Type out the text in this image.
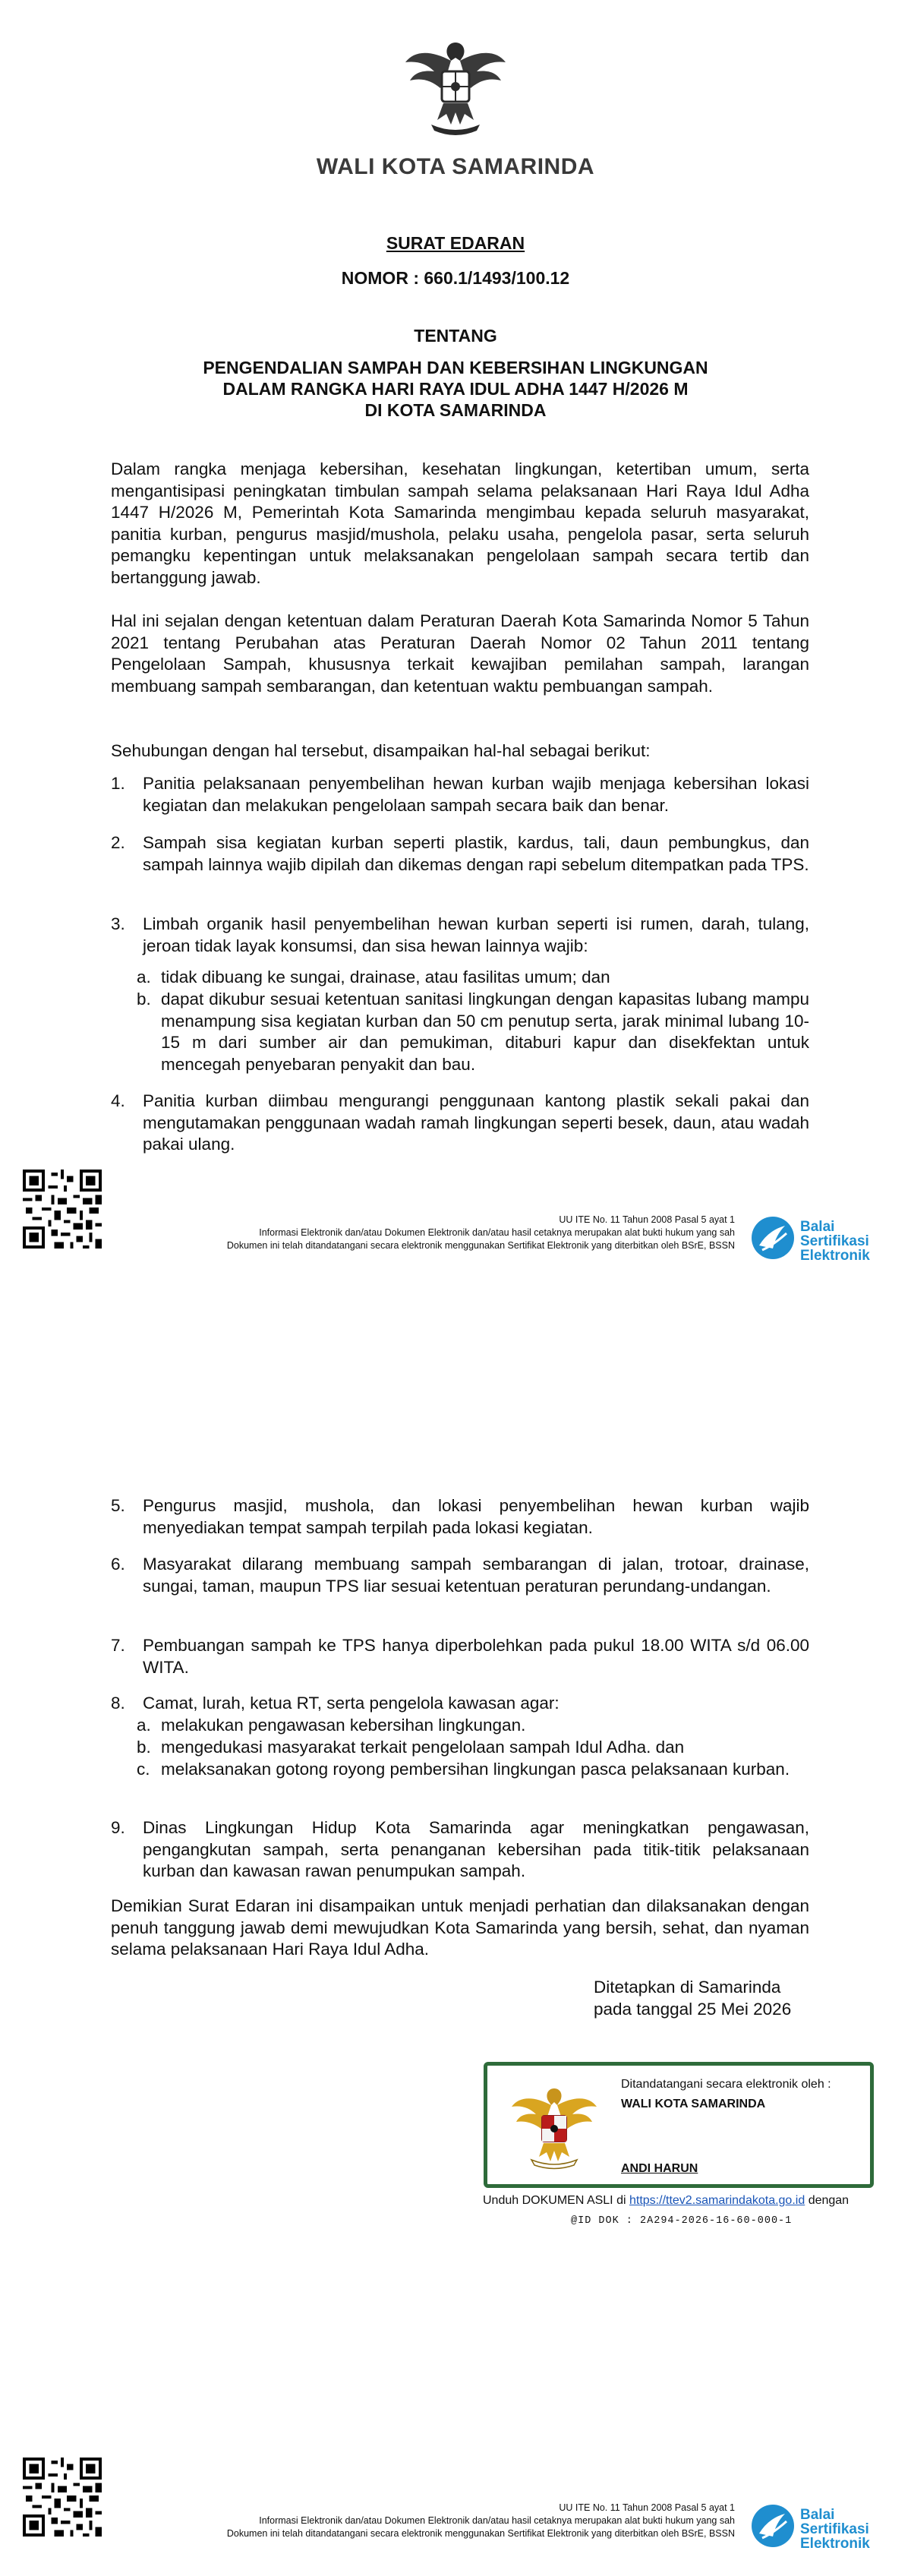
WALI KOTA SAMARINDA
SURAT EDARAN
NOMOR : 660.1/1493/100.12
TENTANG
PENGENDALIAN SAMPAH DAN KEBERSIHAN LINGKUNGAN
DALAM RANGKA HARI RAYA IDUL ADHA 1447 H/2026 M
DI KOTA SAMARINDA
Dalam rangka menjaga kebersihan, kesehatan lingkungan, ketertiban umum, serta mengantisipasi peningkatan timbulan sampah selama pelaksanaan Hari Raya Idul Adha 1447 H/2026 M, Pemerintah Kota Samarinda mengimbau kepada seluruh masyarakat, panitia kurban, pengurus masjid/mushola, pelaku usaha, pengelola pasar, serta seluruh pemangku kepentingan untuk melaksanakan pengelolaan sampah secara tertib dan bertanggung jawab.
Hal ini sejalan dengan ketentuan dalam Peraturan Daerah Kota Samarinda Nomor 5 Tahun 2021 tentang Perubahan atas Peraturan Daerah Nomor 02 Tahun 2011 tentang Pengelolaan Sampah, khususnya terkait kewajiban pemilahan sampah, larangan membuang sampah sembarangan, dan ketentuan waktu pembuangan sampah.
Sehubungan dengan hal tersebut, disampaikan hal-hal sebagai berikut:
1.	Panitia pelaksanaan penyembelihan hewan kurban wajib menjaga kebersihan lokasi kegiatan dan melakukan pengelolaan sampah secara baik dan benar.
2.	Sampah sisa kegiatan kurban seperti plastik, kardus, tali, daun pembungkus, dan sampah lainnya wajib dipilah dan dikemas dengan rapi sebelum ditempatkan pada TPS.
3.	Limbah organik hasil penyembelihan hewan kurban seperti isi rumen, darah, tulang, jeroan tidak layak konsumsi, dan sisa hewan lainnya wajib:
a. tidak dibuang ke sungai, drainase, atau fasilitas umum; dan
b. dapat dikubur sesuai ketentuan sanitasi lingkungan dengan kapasitas lubang mampu menampung sisa kegiatan kurban dan 50 cm penutup serta, jarak minimal lubang 10-15 m dari sumber air dan pemukiman, ditaburi kapur dan disekfektan untuk mencegah penyebaran penyakit dan bau.
4.	Panitia kurban diimbau mengurangi penggunaan kantong plastik sekali pakai dan mengutamakan penggunaan wadah ramah lingkungan seperti besek, daun, atau wadah pakai ulang.
UU ITE No. 11 Tahun 2008 Pasal 5 ayat 1
Informasi Elektronik dan/atau Dokumen Elektronik dan/atau hasil cetaknya merupakan alat bukti hukum yang sah
Dokumen ini telah ditandatangani secara elektronik menggunakan Sertifikat Elektronik yang diterbitkan oleh BSrE, BSSN
Balai
Sertifikasi
Elektronik
5.	Pengurus masjid, mushola, dan lokasi penyembelihan hewan kurban wajib menyediakan tempat sampah terpilah pada lokasi kegiatan.
6.	Masyarakat dilarang membuang sampah sembarangan di jalan, trotoar, drainase, sungai, taman, maupun TPS liar sesuai ketentuan peraturan perundang-undangan.
7.	Pembuangan sampah ke TPS hanya diperbolehkan pada pukul 18.00 WITA s/d 06.00 WITA.
8.	Camat, lurah, ketua RT, serta pengelola kawasan agar:
a. melakukan pengawasan kebersihan lingkungan.
b. mengedukasi masyarakat terkait pengelolaan sampah Idul Adha. dan
c. melaksanakan gotong royong pembersihan lingkungan pasca pelaksanaan kurban.
9.	Dinas Lingkungan Hidup Kota Samarinda agar meningkatkan pengawasan, pengangkutan sampah, serta penanganan kebersihan pada titik-titik pelaksanaan kurban dan kawasan rawan penumpukan sampah.
Demikian Surat Edaran ini disampaikan untuk menjadi perhatian dan dilaksanakan dengan penuh tanggung jawab demi mewujudkan Kota Samarinda yang bersih, sehat, dan nyaman selama pelaksanaan Hari Raya Idul Adha.
Ditetapkan di Samarinda
pada tanggal 25 Mei 2026
Ditandatangani secara elektronik oleh :
WALI KOTA SAMARINDA
ANDI HARUN
Unduh DOKUMEN ASLI di https://ttev2.samarindakota.go.id dengan
@ID DOK : 2A294-2026-16-60-000-1
UU ITE No. 11 Tahun 2008 Pasal 5 ayat 1
Informasi Elektronik dan/atau Dokumen Elektronik dan/atau hasil cetaknya merupakan alat bukti hukum yang sah
Dokumen ini telah ditandatangani secara elektronik menggunakan Sertifikat Elektronik yang diterbitkan oleh BSrE, BSSN
Balai
Sertifikasi
Elektronik
